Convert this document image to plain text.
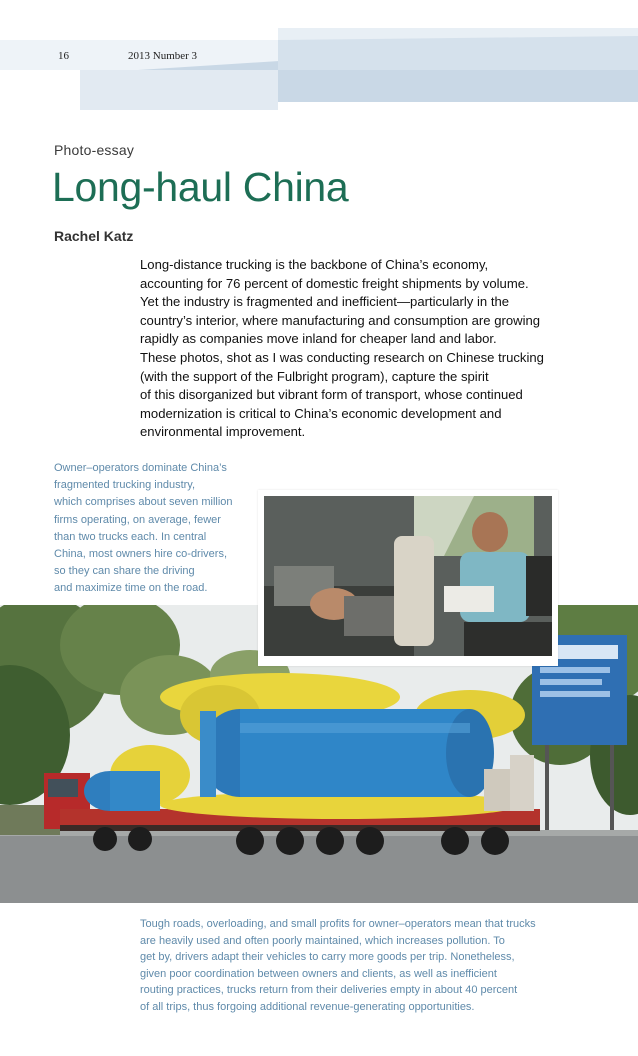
16	2013 Number 3
Photo-essay
Long-haul China
Rachel Katz

Long-distance trucking is the backbone of China’s economy,

accounting for 76 percent of domestic freight shipments by volume.

Yet the industry is fragmented and inefficient—particularly in the

country’s interior, where manufacturing and consumption are growing

rapidly as companies move inland for cheaper land and labor.

These photos, shot as I was conducting research on Chinese trucking

(with the support of the Fulbright program), capture the spirit

of this disorganized but vibrant form of transport, whose continued

modernization is critical to China’s economic development and

environmental improvement.

Owner–operators dominate China’s

fragmented trucking industry,

which comprises about seven million

firms operating, on average, fewer

than two trucks each. In central

China, most owners hire co-drivers,

so they can share the driving

and maximize time on the road.

Tough roads, overloading, and small profits for owner–operators mean that trucks

are heavily used and often poorly maintained, which increases pollution. To

get by, drivers adapt their vehicles to carry more goods per trip. Nonetheless,

given poor coordination between owners and clients, as well as inefficient

routing practices, trucks return from their deliveries empty in about 40 percent

of all trips, thus forgoing additional revenue-generating opportunities.
